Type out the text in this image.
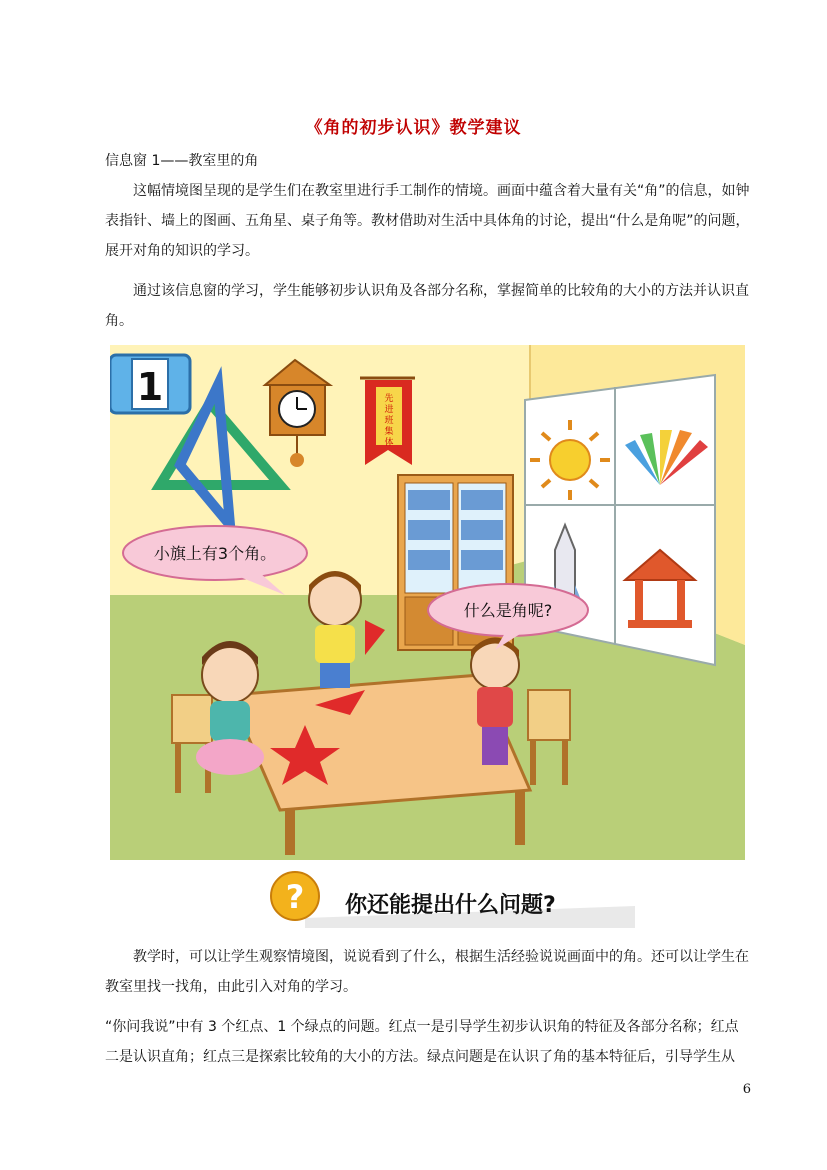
《角的初步认识》教学建议

信息窗 1——教室里的角

这幅情境图呈现的是学生们在教室里进行手工制作的情境。画面中蕴含着大量有关“角”的信息，如钟表指针、墙上的图画、五角星、桌子角等。教材借助对生活中具体角的讨论，提出“什么是角呢”的问题，展开对角的知识的学习。

通过该信息窗的学习，学生能够初步认识角及各部分名称，掌握简单的比较角的大小的方法并认识直角。

1	先
进
班
集
体
小旗上有3个角。
什么是角呢?
? 你还能提出什么问题?

教学时，可以让学生观察情境图，说说看到了什么，根据生活经验说说画面中的角。还可以让学生在教室里找一找角，由此引入对角的学习。

“你问我说”中有 3 个红点、1 个绿点的问题。红点一是引导学生初步认识角的特征及各部分名称；红点二是认识直角；红点三是探索比较角的大小的方法。绿点问题是在认识了角的基本特征后，引导学生从

6
